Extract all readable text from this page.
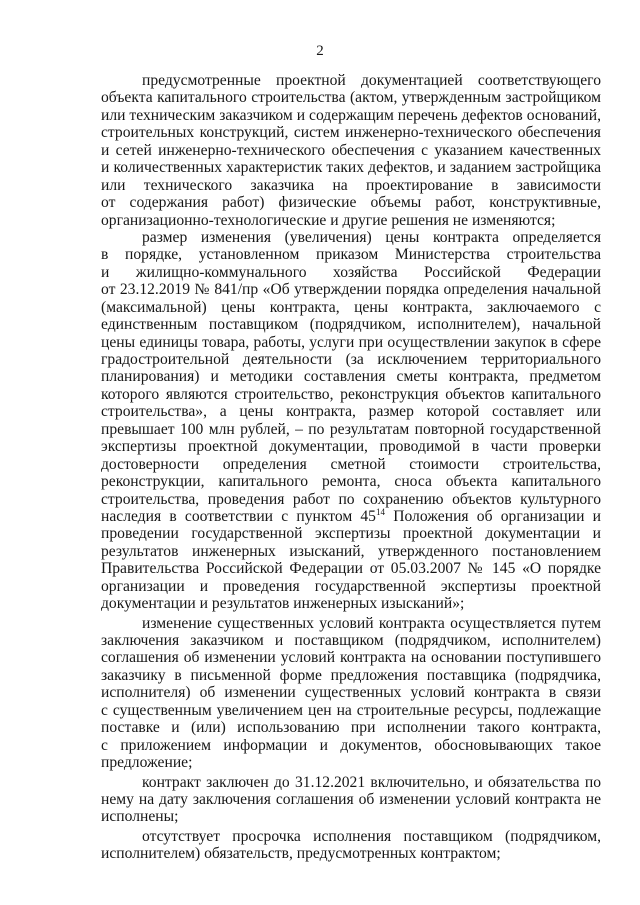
2
предусмотренные проектной документацией соответствующего
объекта капитального строительства (актом, утвержденным застройщиком
или техническим заказчиком и содержащим перечень дефектов оснований,
строительных конструкций, систем инженерно-технического обеспечения
и сетей инженерно-технического обеспечения с указанием качественных
и количественных характеристик таких дефектов, и заданием застройщика
или технического заказчика на проектирование в зависимости
от содержания работ) физические объемы работ, конструктивные,
организационно-технологические и другие решения не изменяются;
размер изменения (увеличения) цены контракта определяется
в порядке, установленном приказом Министерства строительства
и жилищно-коммунального хозяйства Российской Федерации
от 23.12.2019 № 841/пр «Об утверждении порядка определения начальной
(максимальной) цены контракта, цены контракта, заключаемого с
единственным поставщиком (подрядчиком, исполнителем), начальной
цены единицы товара, работы, услуги при осуществлении закупок в сфере
градостроительной деятельности (за исключением территориального
планирования) и методики составления сметы контракта, предметом
которого являются строительство, реконструкция объектов капитального
строительства», а цены контракта, размер которой составляет или
превышает 100 млн рублей, – по результатам повторной государственной
экспертизы проектной документации, проводимой в части проверки
достоверности определения сметной стоимости строительства,
реконструкции, капитального ремонта, сноса объекта капитального
строительства, проведения работ по сохранению объектов культурного
наследия в соответствии с пунктом $45^{14}$ Положения об организации и
проведении государственной экспертизы проектной документации и
результатов инженерных изысканий, утвержденного постановлением
Правительства Российской Федерации от 05.03.2007 № 145 «О порядке
организации и проведения государственной экспертизы проектной
документации и результатов инженерных изысканий»;
изменение существенных условий контракта осуществляется путем
заключения заказчиком и поставщиком (подрядчиком, исполнителем)
соглашения об изменении условий контракта на основании поступившего
заказчику в письменной форме предложения поставщика (подрядчика,
исполнителя) об изменении существенных условий контракта в связи
с существенным увеличением цен на строительные ресурсы, подлежащие
поставке и (или) использованию при исполнении такого контракта,
с приложением информации и документов, обосновывающих такое
предложение;
контракт заключен до 31.12.2021 включительно, и обязательства по
нему на дату заключения соглашения об изменении условий контракта не
исполнены;
отсутствует просрочка исполнения поставщиком (подрядчиком,
исполнителем) обязательств, предусмотренных контрактом;
